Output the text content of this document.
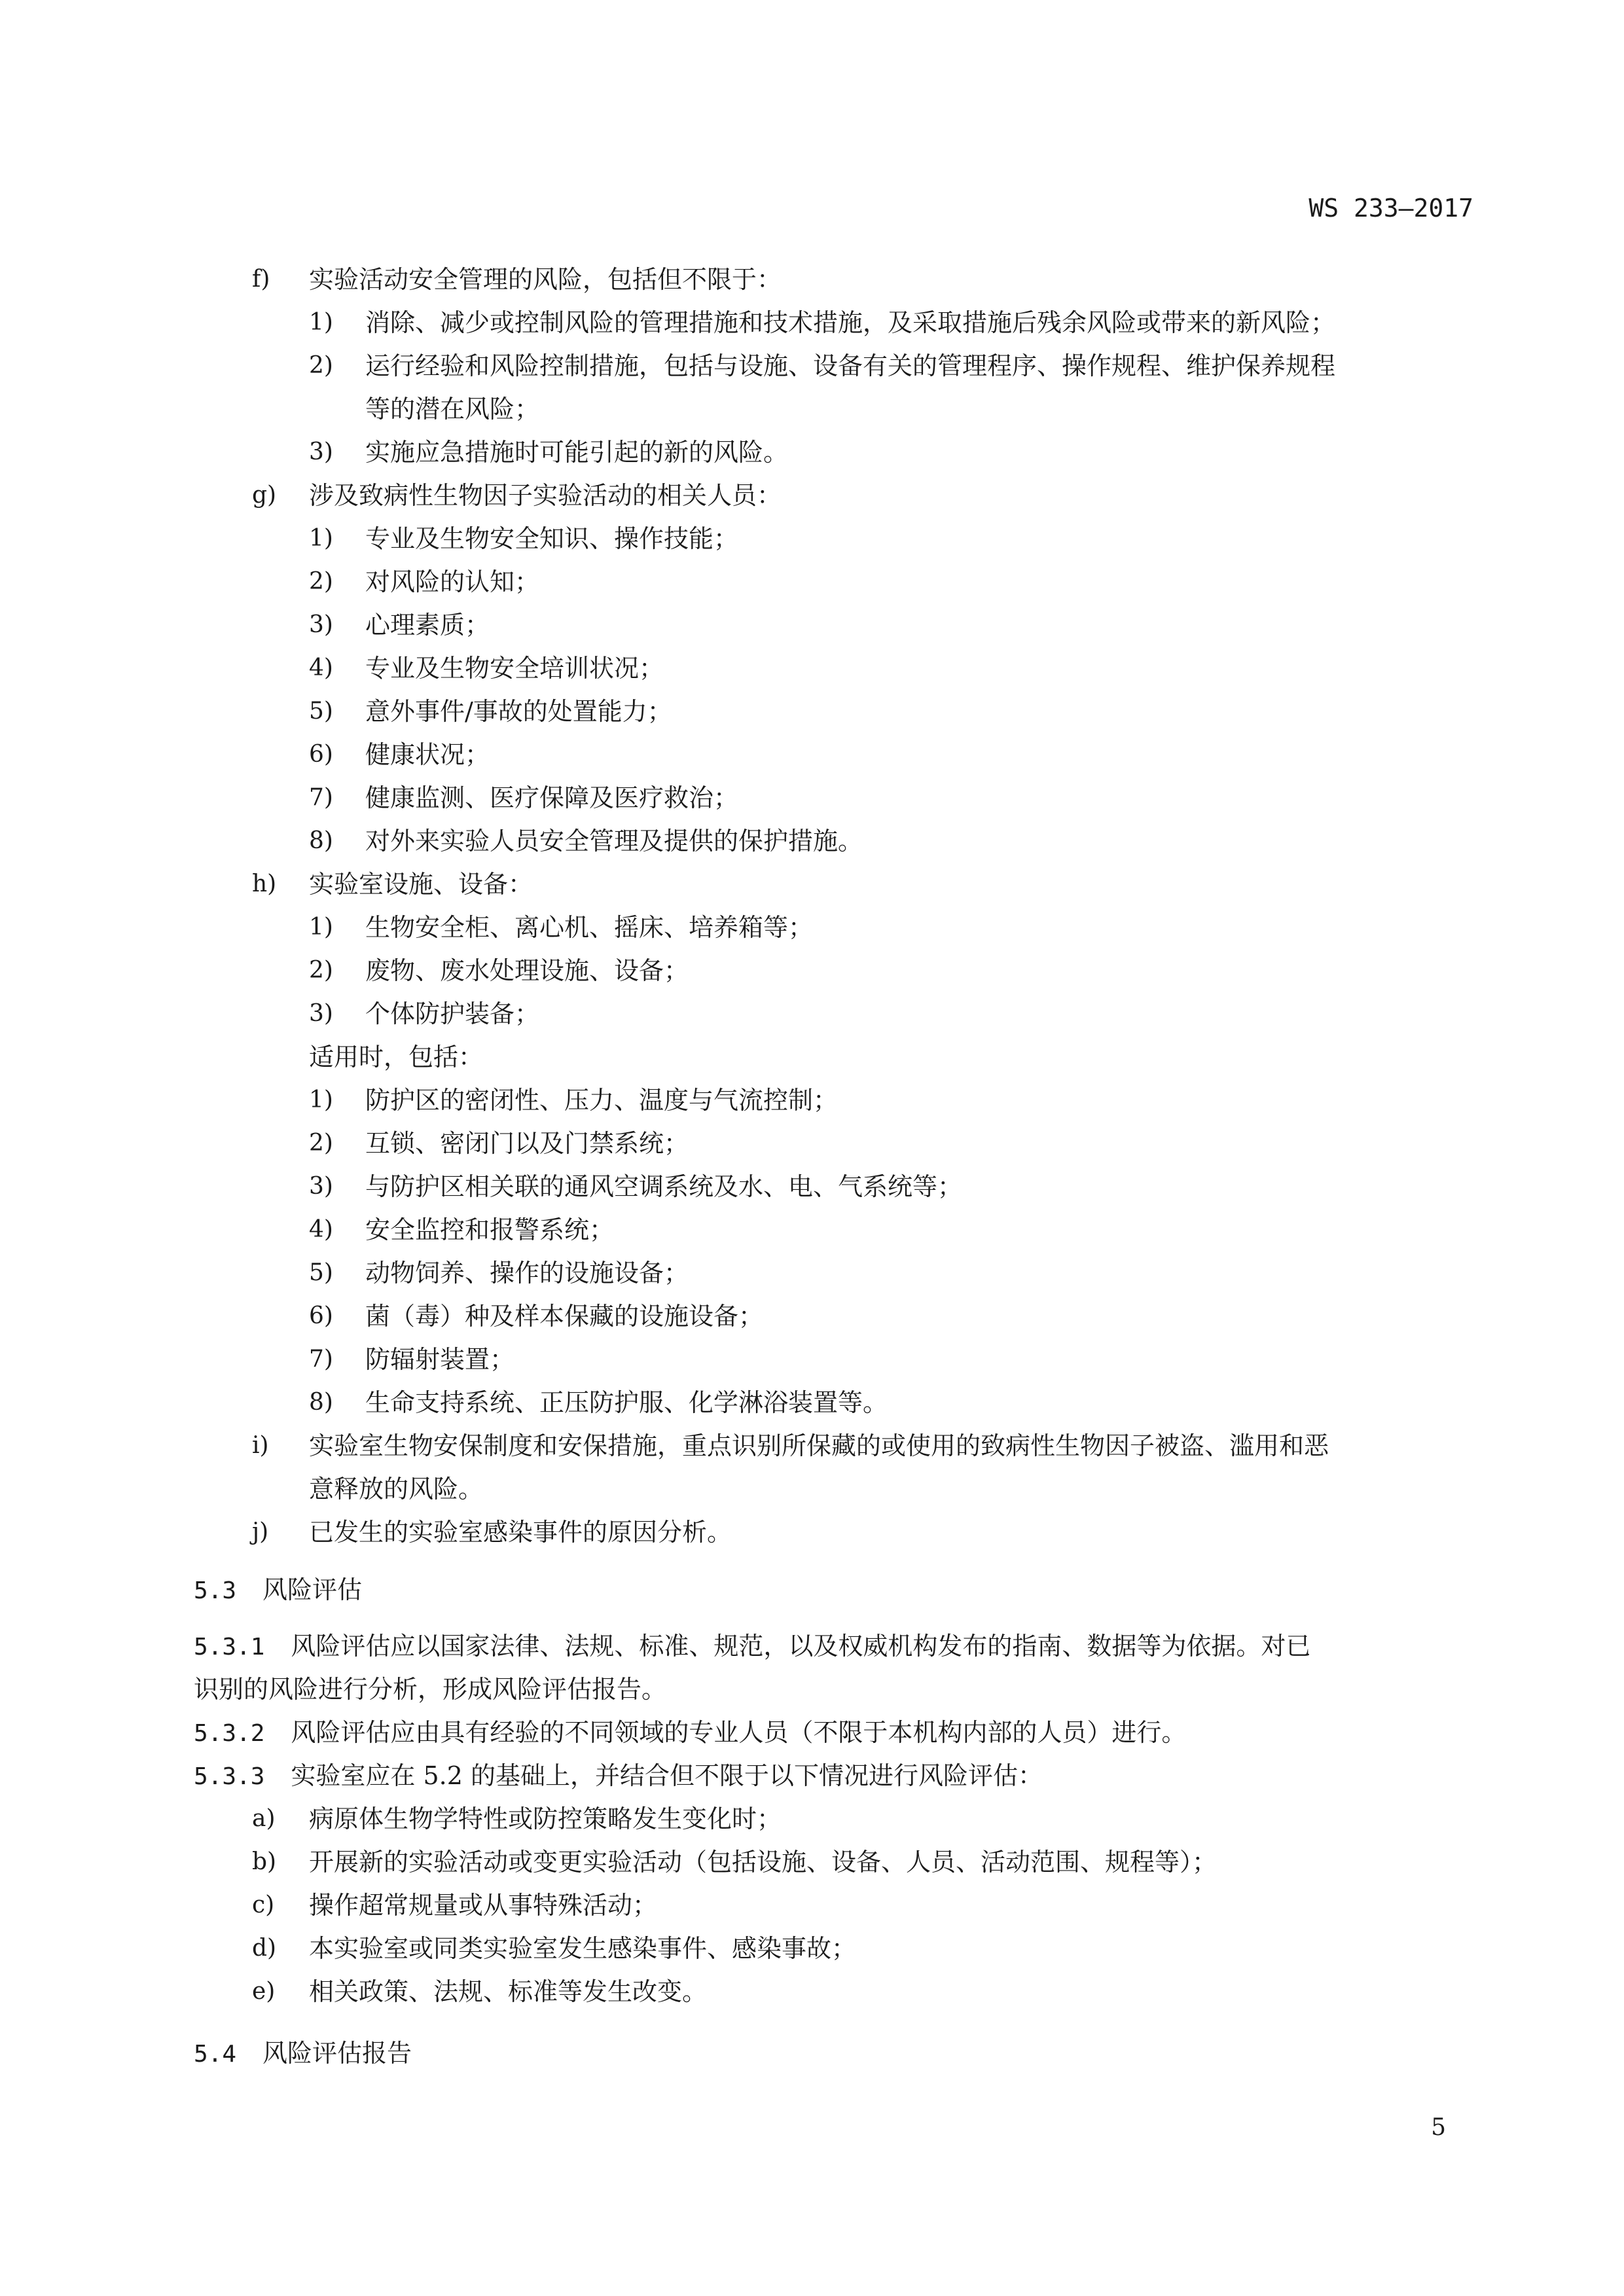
WS 233—2017
f) 实验活动安全管理的风险，包括但不限于：
1) 消除、减少或控制风险的管理措施和技术措施，及采取措施后残余风险或带来的新风险；
2) 运行经验和风险控制措施，包括与设施、设备有关的管理程序、操作规程、维护保养规程
等的潜在风险；
3) 实施应急措施时可能引起的新的风险。
g) 涉及致病性生物因子实验活动的相关人员：
1) 专业及生物安全知识、操作技能；
2) 对风险的认知；
3) 心理素质；
4) 专业及生物安全培训状况；
5) 意外事件/事故的处置能力；
6) 健康状况；
7) 健康监测、医疗保障及医疗救治；
8) 对外来实验人员安全管理及提供的保护措施。
h) 实验室设施、设备：
1) 生物安全柜、离心机、摇床、培养箱等；
2) 废物、废水处理设施、设备；
3) 个体防护装备；
适用时，包括：
1) 防护区的密闭性、压力、温度与气流控制；
2) 互锁、密闭门以及门禁系统；
3) 与防护区相关联的通风空调系统及水、电、气系统等；
4) 安全监控和报警系统；
5) 动物饲养、操作的设施设备；
6) 菌（毒）种及样本保藏的设施设备；
7) 防辐射装置；
8) 生命支持系统、正压防护服、化学淋浴装置等。
i) 实验室生物安保制度和安保措施，重点识别所保藏的或使用的致病性生物因子被盗、滥用和恶
意释放的风险。
j) 已发生的实验室感染事件的原因分析。
5.3 风险评估
5.3.1 风险评估应以国家法律、法规、标准、规范，以及权威机构发布的指南、数据等为依据。对已
识别的风险进行分析，形成风险评估报告。
5.3.2 风险评估应由具有经验的不同领域的专业人员（不限于本机构内部的人员）进行。
5.3.3 实验室应在 5.2 的基础上，并结合但不限于以下情况进行风险评估：
a) 病原体生物学特性或防控策略发生变化时；
b) 开展新的实验活动或变更实验活动（包括设施、设备、人员、活动范围、规程等）；
c) 操作超常规量或从事特殊活动；
d) 本实验室或同类实验室发生感染事件、感染事故；
e) 相关政策、法规、标准等发生改变。
5.4 风险评估报告
5
